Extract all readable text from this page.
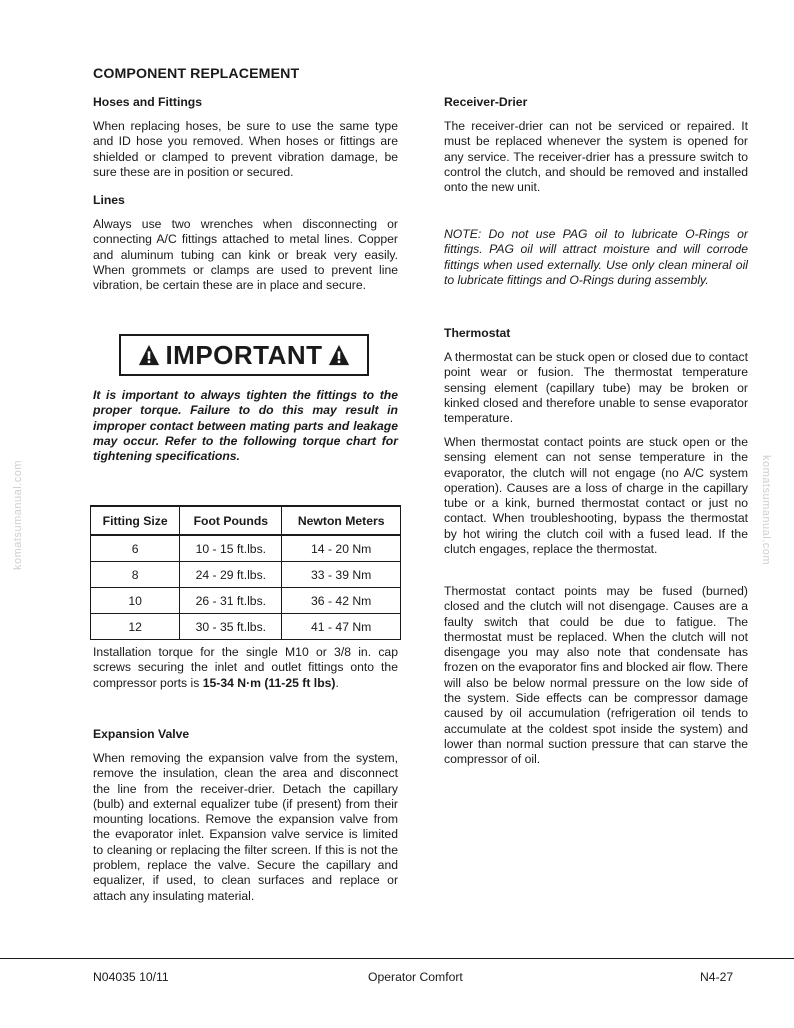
COMPONENT REPLACEMENT
Hoses and Fittings
When replacing hoses, be sure to use the same type and ID hose you removed. When hoses or fittings are shielded or clamped to prevent vibration damage, be sure these are in position or secured.
Lines
Always use two wrenches when disconnecting or connecting A/C fittings attached to metal lines. Copper and aluminum tubing can kink or break very easily. When grommets or clamps are used to prevent line vibration, be certain these are in place and secure.
IMPORTANT
It is important to always tighten the fittings to the proper torque. Failure to do this may result in improper contact between mating parts and leakage may occur. Refer to the following torque chart for tightening specifications.
Fitting Size	Foot Pounds	Newton Meters
6	10 - 15 ft.lbs.	14 - 20 Nm
8	24 - 29 ft.lbs.	33 - 39 Nm
10	26 - 31 ft.lbs.	36 - 42 Nm
12	30 - 35 ft.lbs.	41 - 47 Nm
Installation torque for the single M10 or 3/8 in. cap screws securing the inlet and outlet fittings onto the compressor ports is 15-34 N·m (11-25 ft lbs).
Expansion Valve
When removing the expansion valve from the system, remove the insulation, clean the area and disconnect the line from the receiver-drier. Detach the capillary (bulb) and external equalizer tube (if present) from their mounting locations. Remove the expansion valve from the evaporator inlet. Expansion valve service is limited to cleaning or replacing the filter screen. If this is not the problem, replace the valve. Secure the capillary and equalizer, if used, to clean surfaces and replace or attach any insulating material.
Receiver-Drier
The receiver-drier can not be serviced or repaired. It must be replaced whenever the system is opened for any service. The receiver-drier has a pressure switch to control the clutch, and should be removed and installed onto the new unit.
NOTE: Do not use PAG oil to lubricate O-Rings or fittings. PAG oil will attract moisture and will corrode fittings when used externally. Use only clean mineral oil to lubricate fittings and O-Rings during assembly.
Thermostat
A thermostat can be stuck open or closed due to contact point wear or fusion. The thermostat temperature sensing element (capillary tube) may be broken or kinked closed and therefore unable to sense evaporator temperature.
When thermostat contact points are stuck open or the sensing element can not sense temperature in the evaporator, the clutch will not engage (no A/C system operation). Causes are a loss of charge in the capillary tube or a kink, burned thermostat contact or just no contact. When troubleshooting, bypass the thermostat by hot wiring the clutch coil with a fused lead. If the clutch engages, replace the thermostat.
Thermostat contact points may be fused (burned) closed and the clutch will not disengage. Causes are a faulty switch that could be due to fatigue. The thermostat must be replaced. When the clutch will not disengage you may also note that condensate has frozen on the evaporator fins and blocked air flow. There will also be below normal pressure on the low side of the system. Side effects can be compressor damage caused by oil accumulation (refrigeration oil tends to accumulate at the coldest spot inside the system) and lower than normal suction pressure that can starve the compressor of oil.
komatsumanual.com	komatsumanual.com
N04035 10/11	Operator Comfort	N4-27
